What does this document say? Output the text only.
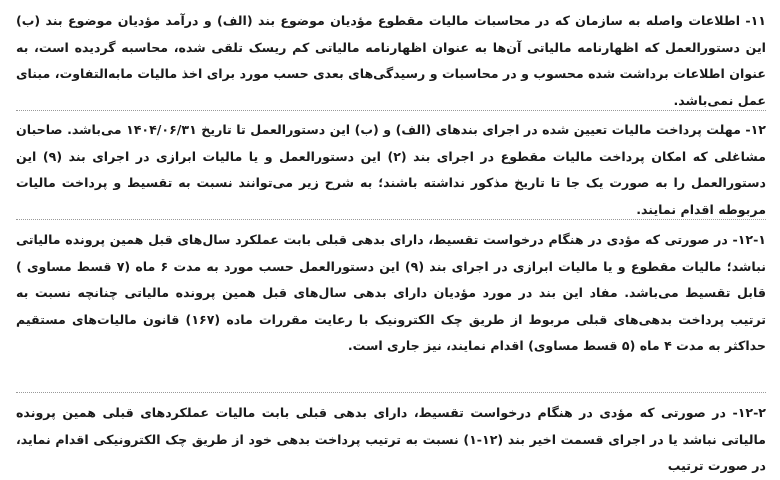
۱۱- اطلاعات واصله به سازمان که در محاسبات مالیات مقطوع مؤدیان موضوع بند (الف) و درآمد مؤدیان موضوع بند (ب) این دستورالعمل که اظهارنامه مالیاتی آن‌ها به عنوان اظهارنامه مالیاتی کم ریسک تلقی شده، محاسبه گردیده است، به عنوان اطلاعات برداشت شده محسوب و در محاسبات و رسیدگی‌های بعدی حسب مورد برای اخذ مالیات مابه‌التفاوت، مبنای عمل نمی‌باشد.

۱۲- مهلت پرداخت مالیات تعیین شده در اجرای بندهای (الف) و (ب) این دستورالعمل تا تاریخ ۱۴۰۴/۰۶/۳۱ می‌باشد. صاحبان مشاغلی که امکان پرداخت مالیات مقطوع در اجرای بند (۲) این دستورالعمل و یا مالیات ابرازی در اجرای بند (۹) این دستورالعمل را به صورت یک جا تا تاریخ مذکور نداشته باشند؛ به شرح زیر می‌توانند نسبت به تقسیط و پرداخت مالیات مربوطه اقدام نمایند.

۱۲-۱- در صورتی که مؤدی در هنگام درخواست تقسیط، دارای بدهی قبلی بابت عملکرد سال‌های قبل همین پرونده مالیاتی نباشد؛ مالیات مقطوع و یا مالیات ابرازی در اجرای بند (۹) این دستورالعمل حسب مورد به مدت ۶ ماه (۷ قسط مساوی ) قابل تقسیط می‌باشد. مفاد این بند در مورد مؤدیان دارای بدهی سال‌های قبل همین پرونده مالیاتی چنانچه نسبت به ترتیب پرداخت بدهی‌های قبلی مربوط از طریق چک الکترونیک با رعایت مقررات ماده (۱۶۷) قانون مالیات‌های مستقیم حداکثر به مدت ۴ ماه (۵ قسط مساوی) اقدام نمایند، نیز جاری است.

۱۲-۲- در صورتی که مؤدی در هنگام درخواست تقسیط، دارای بدهی قبلی بابت مالیات عملکردهای قبلی همین پرونده مالیاتی نباشد یا در اجرای قسمت اخیر بند (۱۲-۱) نسبت به ترتیب پرداخت بدهی خود از طریق چک الکترونیکی اقدام نماید، در صورت ترتیب
